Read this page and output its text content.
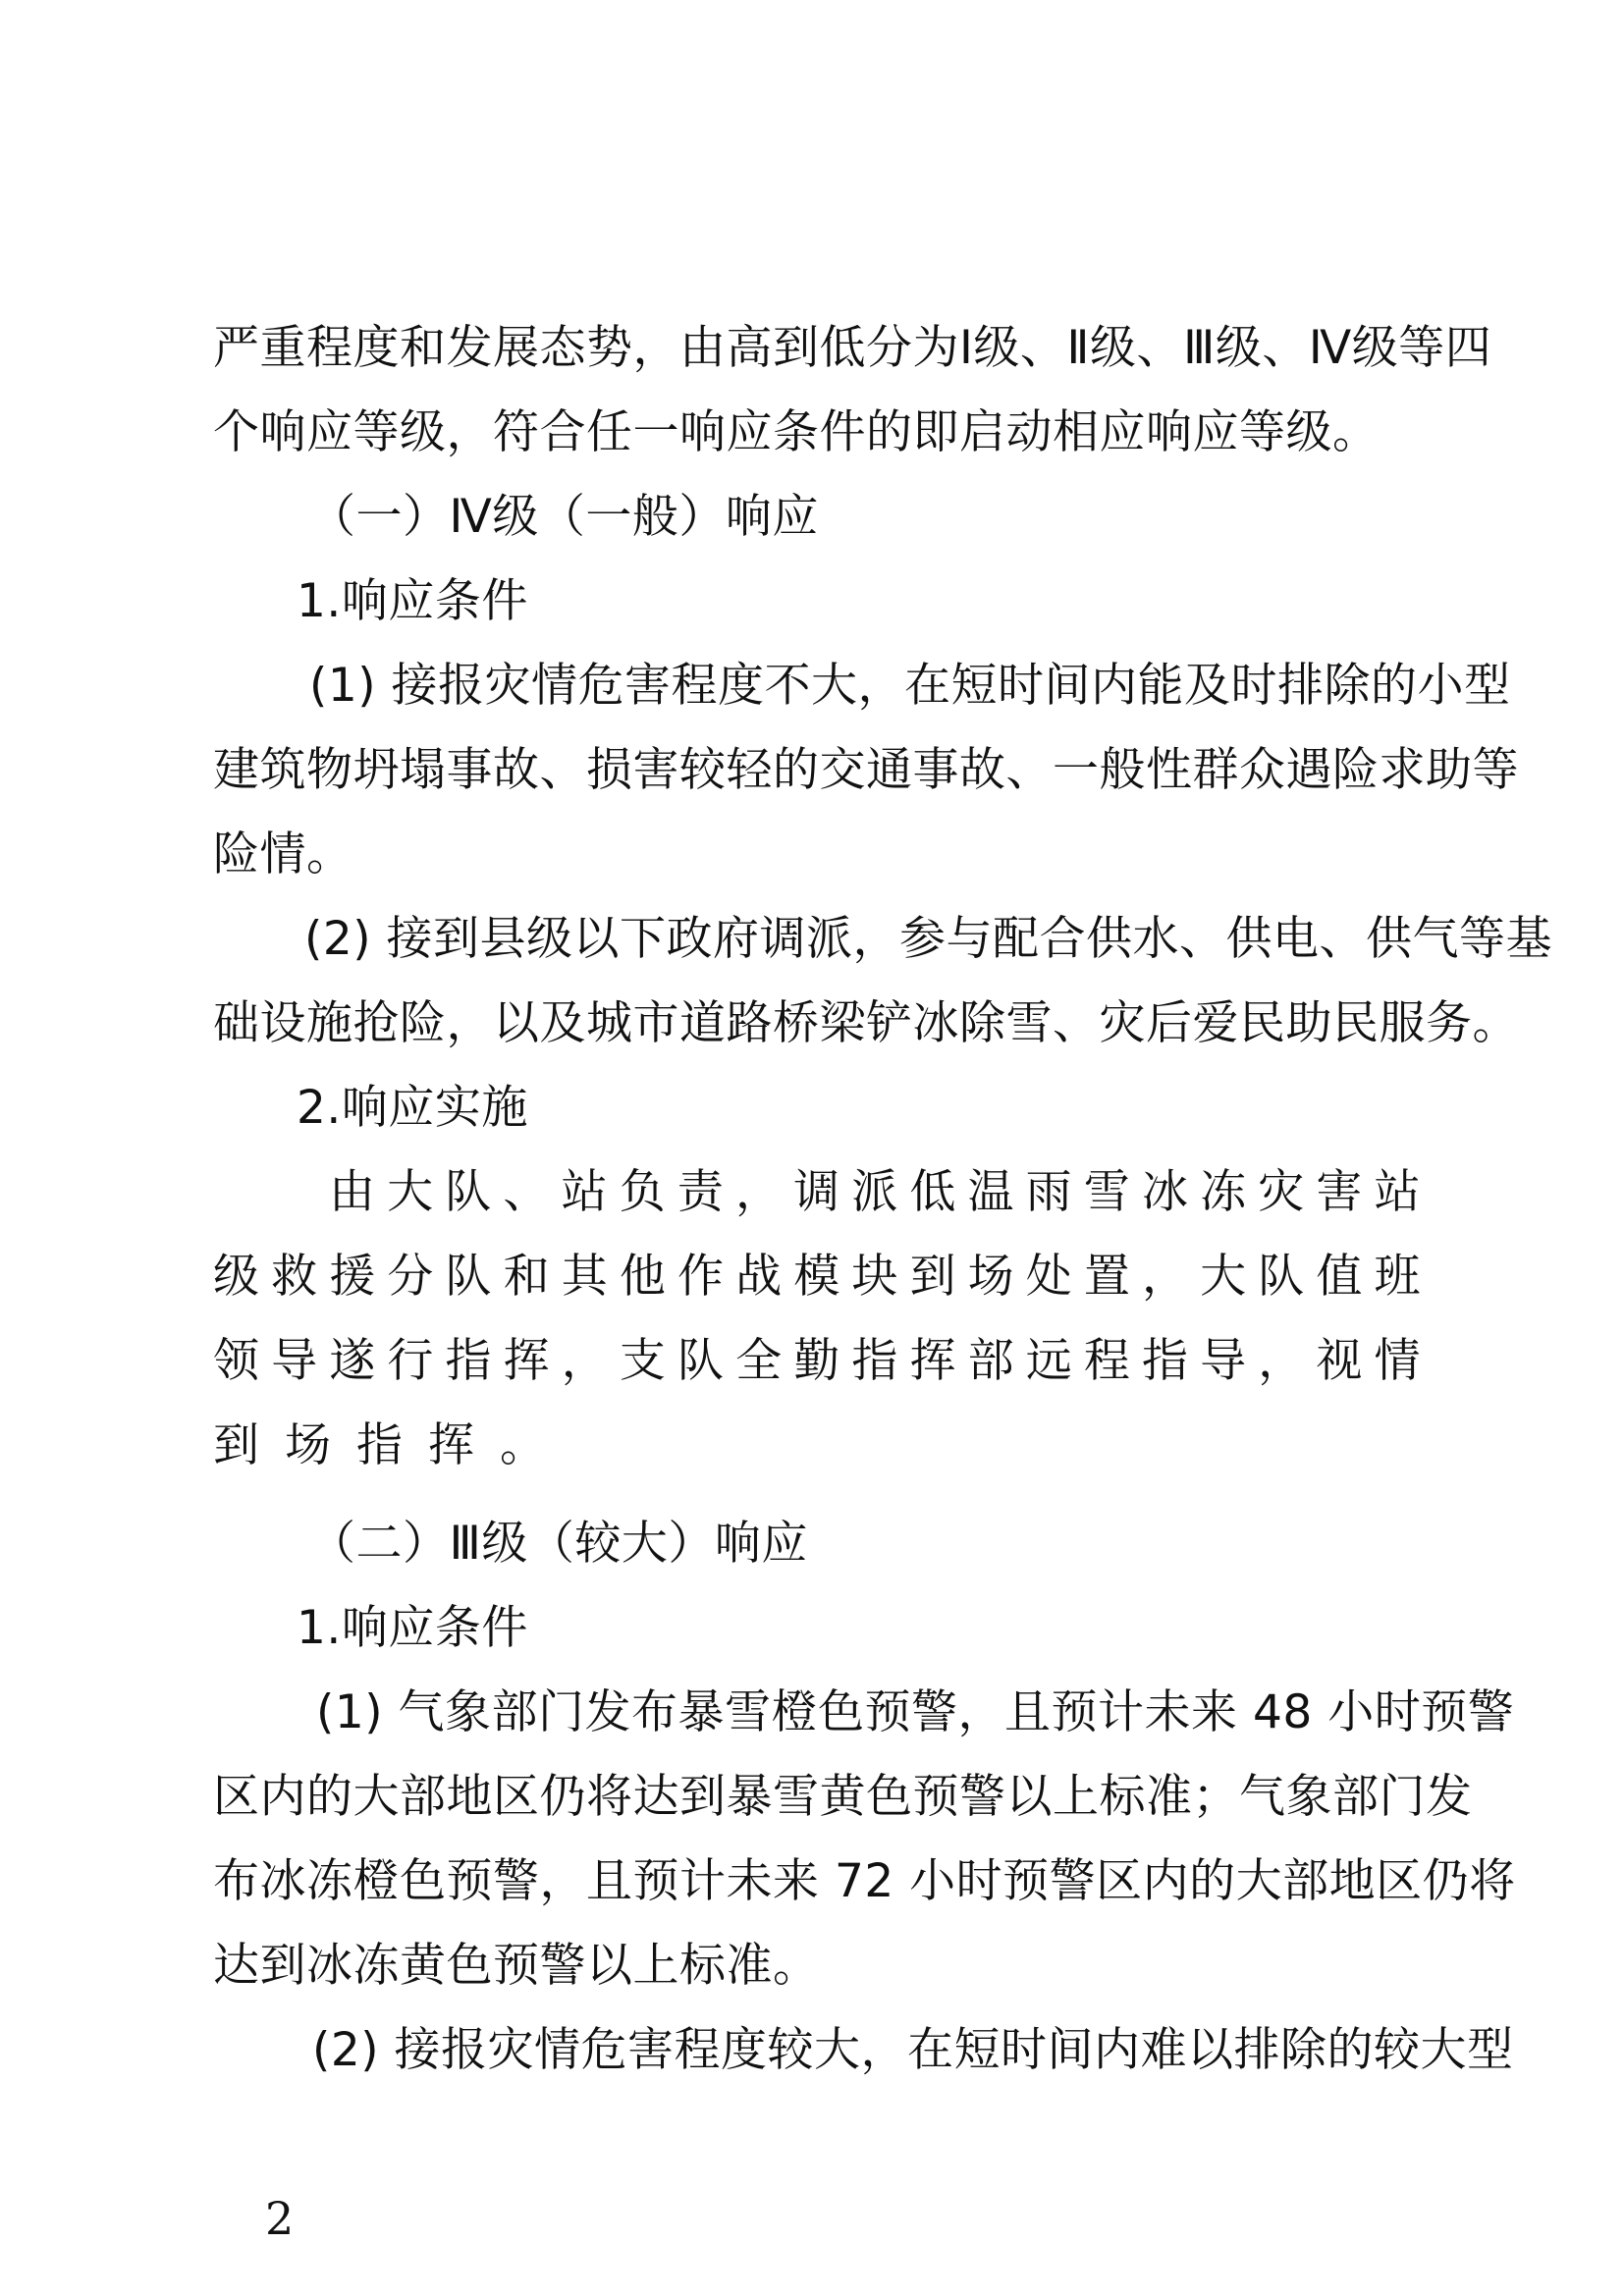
严重程度和发展态势，由高到低分为Ⅰ级、Ⅱ级、Ⅲ级、Ⅳ级等四
个响应等级，符合任一响应条件的即启动相应响应等级。
（一）Ⅳ级（一般）响应
1.响应条件
(1) 接报灾情危害程度不大，在短时间内能及时排除的小型
建筑物坍塌事故、损害较轻的交通事故、一般性群众遇险求助等
险情。
(2) 接到县级以下政府调派，参与配合供水、供电、供气等基
础设施抢险，以及城市道路桥梁铲冰除雪、灾后爱民助民服务。
2.响应实施
由大队、站负责，调派低温雨雪冰冻灾害站
级救援分队和其他作战模块到场处置，大队值班
领导遂行指挥，支队全勤指挥部远程指导，视情
到场指挥。
（二）Ⅲ级（较大）响应
1.响应条件
(1) 气象部门发布暴雪橙色预警，且预计未来 48 小时预警
区内的大部地区仍将达到暴雪黄色预警以上标准；气象部门发
布冰冻橙色预警，且预计未来 72 小时预警区内的大部地区仍将
达到冰冻黄色预警以上标准。
(2) 接报灾情危害程度较大，在短时间内难以排除的较大型
2
